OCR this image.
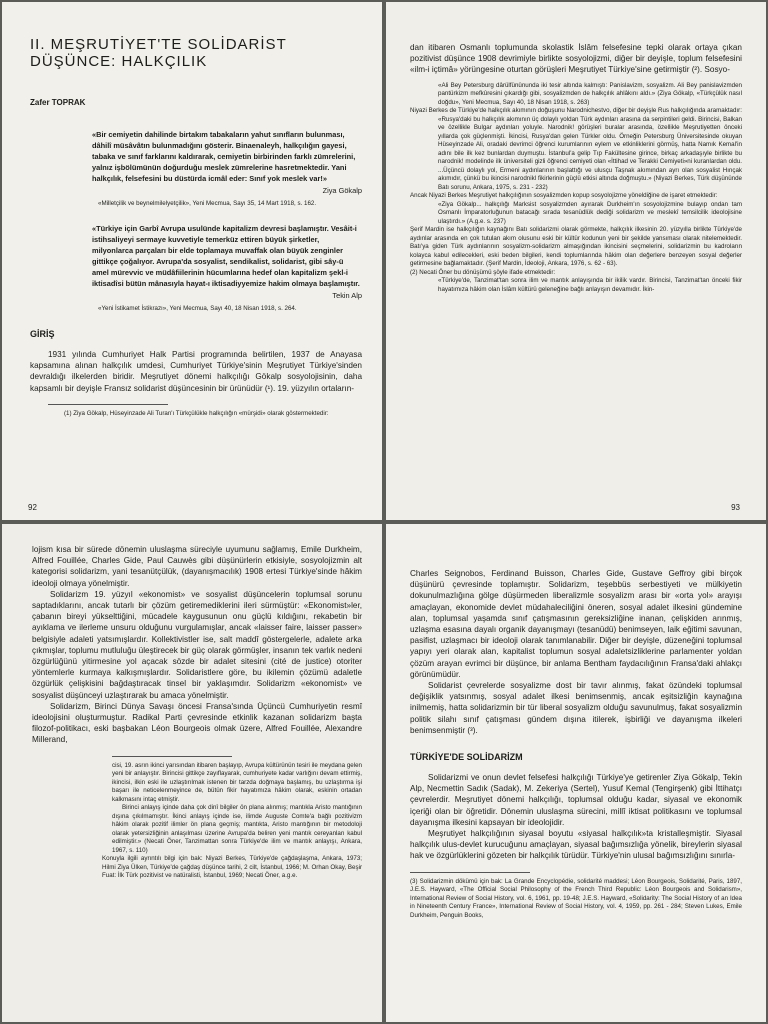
II. MEŞRUTİYET'TE SOLİDARİST
DÜŞÜNCE: HALKÇILIK
Zafer TOPRAK
«Bir cemiyetin dahilinde birtakım tabakaların yahut sınıfların bulunması, dâhilî müsâvâtın bulunmadığını gösterir. Binaenaleyh, halkçılığın gayesi, tabaka ve sınıf farklarını kaldırarak, cemiyetin birbirinden farklı zümrelerini, yalnız işbölümünün doğurduğu meslek zümrelerine hasretmektedir. Yani halkçılık, felsefesini bu düstürda icmâl eder: Sınıf yok meslek var!»
Ziya Gökalp
«Milletçilik ve beynelmilelyetçilik», Yeni Mecmua, Sayı 35, 14 Mart 1918, s. 162.
«Türkiye için Garbî Avrupa usulünde kapitalizm devresi başlamıştır. Vesâit-i istihsaliyeyi sermaye kuvvetiyle temerküz ettiren büyük şirketler, milyonlarca parçaları bir elde toplamaya muvaffak olan büyük zenginler gittikçe çoğalıyor. Avrupa'da sosyalist, sendikalist, solidarist, gibi sây-ü amel mürevvic ve müdâfiilerinin hücumlarına hedef olan kapitalizm şekl-i iktisadîsi bütün mânasıyla hayat-ı iktisadiyyemize hakim olmaya başlamıştır.
Tekin Alp
«Yeni İstikamet İstikrazı», Yeni Mecmua, Sayı 40, 18 Nisan 1918, s. 264.
GİRİŞ

1931 yılında Cumhuriyet Halk Partisi programında belirtilen, 1937 de Anayasa kapsamına alınan halkçılık umdesi, Cumhuriyet Türkiye'sinin Meşrutiyet Türkiye'sinden devraldığı ilkelerden biridir. Meşrutiyet dönemi halkçılığı Gökalp sosyolojisinin, daha kapsamlı bir deyişle Fransız solidarist düşüncesinin bir ürünüdür (¹). 19. yüzyılın ortaların-

(1) Ziya Gökalp, Hüseyinzade Ali Turan'ı Türkçülükle halkçılığın «mürşidi» olarak göstermektedir:

92

dan itibaren Osmanlı toplumunda skolastik İslâm felsefesine tepki olarak ortaya çıkan pozitivist düşünce 1908 devrimiyle birlikte sosyolojizmi, diğer bir deyişle, toplum felsefesini «ilm-i içtimâ» yörüngesine oturtan görüşleri Meşrutiyet Türkiye'sine getirmiştir (²). Sosyo-

«Ali Bey Petersburg dârülfünûnunda iki tesir altında kalmıştı: Panislavizm, sosyalizm. Ali Bey panislavizmden pantürkizm mefkûresini çıkardığı gibi, sosyalizmden de halkçılık ahlâkını aldı.» (Ziya Gökalp, «Türkçülük nasıl doğdu», Yeni Mecmua, Sayı 40, 18 Nisan 1918, s. 263)

Niyazi Berkes de Türkiye'de halkçılık akımının doğuşunu Narodnichestvo, diğer bir deyişle Rus halkçılığında aramaktadır:

«Rusya'daki bu halkçılık akımının üç dolaylı yoldan Türk aydınları arasına da serpintileri geldi. Birincisi, Balkan ve özellikle Bulgar aydınları yoluyle. Narodnik! görüşleri buralar arasında, özellikle Meşrutiyetten önceki yıllarda çok güçlenmişti. İkincisi, Rusya'dan gelen Türkler oldu. Örneğin Petersburg Üniversitesinde okuyan Hüseyinzade Ali, oradaki devrimci öğrenci kurumlarının eylem ve etkinliklerini görmüş, hatta Namık Kemal'in adını bile ilk kez bunlardan duymuştu. İstanbul'a gelip Tıp Fakültesine girince, birkaç arkadaşıyle birlikte bu narodnik! modelinde ilk üniversiteli gizli öğrenci cemiyeti olan «İttihad ve Terakki Cemiyeti»ni kuranlardan oldu. ...Üçüncü dolaylı yol, Ermeni aydınlarının başlattığı ve ulusçu Taşnak akımından ayrı olan sosyalist Hınçak akımıdır, çünkü bu ikincisi narodnikl fikirlerinin güçlü etkisi altında doğmuştu.» (Niyazi Berkes, Türk düşününde Batı sorunu, Ankara, 1975, s. 231 - 232)

Ancak Niyazi Berkes Meşrutiyet halkçılığının sosyalizmden kopup sosyolojizme yöneldiğine de işaret etmektedir:

«Ziya Gökalp... halkçılığı Marksist sosyalizmden ayırarak Durkheim'ın sosyolojizmine bulayıp ondan tam Osmanlı İmparatorluğunun batacağı sırada tesanüdlük dediği solidarizm ve meslekî temsilcilik ideolojisine ulaştırdı.» (A.g.e. s. 237)

Şerif Mardin ise halkçılığın kaynağını Batı solidarizmi olarak görmekte, halkçılık ilkesinin 20. yüzyılla birlikte Türkiye'de aydınlar arasında en çok tutulan akım olusunu eski bir kültür kodunun yeni bir şekilde yansıması olarak nitelemektedir. Batı'ya giden Türk aydınlarının sosyalizm-solidarizm almaşığından ikincisini seçmelerini, solidarizmin bu kadroların kolayca kabul edilecekleri, eski beden bilgileri, kendi toplumlarında hâkim olan değerlere benzeyen sosyal değerler getirmesine bağlamaktadır. (Şerif Mardin, İdeoloji, Ankara, 1976, s. 62 - 63).

(2) Necati Öner bu dönüşümü şöyle ifade etmektedir:

«Türkiye'de, Tanzimat'tan sonra ilim ve mantık anlayışında bir ikilik vardır. Birincisi, Tanzimat'tan önceki fikir hayatımıza hâkim olan İslâm kültürü geleneğine bağlı anlayışın devamıdır. İkin-

93

lojism kısa bir sürede dönemin uluslaşma süreciyle uyumunu sağlamış, Emile Durkheim, Alfred Fouillée, Charles Gide, Paul Cauwès gibi düşünürlerin etkisiyle, sosyolojizmin alt kategorisi solidarizm, yani tesanütçülük, (dayanışmacılık) 1908 ertesi Türkiye'sinde hâkim ideoloji olmaya yönelmiştir.

Solidarizm 19. yüzyıl «ekonomist» ve sosyalist düşüncelerin toplumsal sorunu saptadıklarını, ancak tutarlı bir çözüm getiremediklerini ileri sürmüştür: «Ekonomist»ler, çabanın bireyi yükselttiğini, mücadele kaygusunun onu güçlü kıldığını, rekabetin bir ayıklama ve ilerleme unsuru olduğunu vurgulamışlar, ancak «laisser faire, laisser passer» belgisiyle adaleti yatsımışlardır. Kollektivistler ise, salt maddî göstergelerle, adalete arka çıkmışlar, toplumu mutluluğu üleştirecek bir güç olarak görmüşler, insanın tek varlık nedeni özgürlüğünü yitirmesine yol açacak sözde bir adalet sitesini (cité de justice) otoriter yöntemlerle kurmaya kalkışmışlardır. Solidaristlere göre, bu ikilemin çözümü adaletle özgürlük çelişkisini bağdaştıracak tinsel bir yaklaşımdır. Solidarizm «ekonomist» ve sosyalist düşünceyi uzlaştırarak bu amaca yönelmiştir.

Solidarizm, Birinci Dünya Savaşı öncesi Fransa'sında Üçüncü Cumhuriyetin resmî ideolojisini oluşturmuştur. Radikal Parti çevresinde etkinlik kazanan solidarizm başta filozof-politikacı, eski başbakan Léon Bourgeois olmak üzere, Alfred Fouillée, Alexandre Millerand,

cisi, 19. asrın ikinci yarısından itibaren başlayıp, Avrupa kültürünün tesiri ile meydana gelen yeni bir anlayıştır. Birincisi gittikçe zayıflayarak, cumhuriyete kadar varlığını devam ettirmiş, ikincisi, ilkin eski ile uzlaştırılmak istenen bir tarzda doğmaya başlamış, bu uzlaştırma işi başarı ile neticelenmeyince de, bütün fikir hayatımıza hâkim olarak, eskinin ortadan kalkmasını intaç etmiştir.

Birinci anlayış içinde daha çok dinî bilgiler ön plana alınmış; mantıkla Aristo mantığının dışına çıkılmamıştır. İkinci anlayış içinde ise, ilimde Auguste Comte'a bağlı pozitivizm hâkim olarak pozitif ilimler ön plana geçmiş; mantıkta, Aristo mantığının bir metodoloji olarak yetersizliğinin anlaşılması üzerine Avrupa'da beliren yeni mantık cereyanları kabul edilmiştir.» (Necati Öner, Tanzimattan sonra Türkiye'de ilim ve mantık anlayışı, Ankara, 1967, s. 110)

Konuyla ilgili ayrıntılı bilgi için bak: Niyazi Berkes, Türkiye'de çağdaşlaşma, Ankara, 1973; Hilmi Ziya Ülken, Türkiye'de çağdaş düşünce tarihi, 2 cilt, İstanbul, 1966; M. Orhan Okay, Beşir Fuat: İlk Türk pozitivist ve natüralisti, İstanbul, 1969; Necati Öner, a.g.e.

Charles Seignobos, Ferdinand Buisson, Charles Gide, Gustave Geffroy gibi birçok düşünürü çevresinde toplamıştır. Solidarizm, teşebbüs serbestiyeti ve mülkiyetin dokunulmazlığına gölge düşürmeden liberalizmle sosyalizm arası bir «orta yol» arayışı amaçlayan, ekonomide devlet müdahaleciliğini öneren, sosyal adalet ilkesini gündemine alan, toplumsal yaşamda sınıf çatışmasının gereksizliğine inanan, çelişkiden arınmış, uzlaşma esasına dayalı organik dayanışmayı (tesanüdü) benimseyen, laik eğitimi savunan, pasifist, uzlaşmacı bir ideoloji olarak tanımlanabilir. Diğer bir deyişle, düzeneğini toplumsal yapıyı yeri olarak alan, kapitalist toplumun sosyal adaletsizliklerine parlamenter yoldan çözüm arayan evrimci bir düşünce, bir anlama Bentham faydacılığının Fransa'daki ahlakçı görünümüdür.

Solidarist çevrelerde sosyalizme dost bir tavır alınmış, fakat özündeki toplumsal değişiklik yatsınmış, sosyal adalet ilkesi benimsenmiş, ancak eşitsizliğin kaynağına inilmemiş, hatta solidarizmin bir tür liberal sosyalizm olduğu savunulmuş, fakat sosyalizmin politik silahı sınıf çatışması gündem dışına itilerek, işbirliği ve dayanışma ilkeleri benimsenmiştir (³).

TÜRKİYE'DE SOLİDARİZM

Solidarizmi ve onun devlet felsefesi halkçılığı Türkiye'ye getirenler Ziya Gökalp, Tekin Alp, Necmettin Sadık (Sadak), M. Zekeriya (Sertel), Yusuf Kemal (Tengirşenk) gibi İttihatçı çevrelerdir. Meşrutiyet dönemi halkçılığı, toplumsal olduğu kadar, siyasal ve ekonomik içeriği olan bir öğretidir. Dönemin uluslaşma sürecini, millî iktisat politikasını ve toplumsal dayanışma ilkesini kapsayan bir ideolojidir.

Meşrutiyet halkçılığının siyasal boyutu «siyasal halkçılık»ta kristalleşmiştir. Siyasal halkçılık ulus-devlet kurucuğunu amaçlayan, siyasal bağımsızlığa yönelik, bireylerin siyasal hak ve özgürlüklerini gözeten bir halkçılık türüdür. Türkiye'nin ulusal bağımsızlığını sınırla-

(3) Solidarizmin dökümü için bak: La Grande Encyclopédie, solidarité maddesi; Léon Bourgeois, Solidarité, Paris, 1897, J.E.S. Hayward, «The Official Social Philosophy of the French Third Republic: Léon Bourgeois and Solidarism», International Review of Social History, vol. 6, 1961, pp. 19-48; J.E.S. Hayward, «Solidarity: The Social History of an Idea in Nineteenth Century France», International Review of Social History, vol. 4, 1959, pp. 261 - 284; Steven Lukes, Emile Durkheim, Penguin Books,
